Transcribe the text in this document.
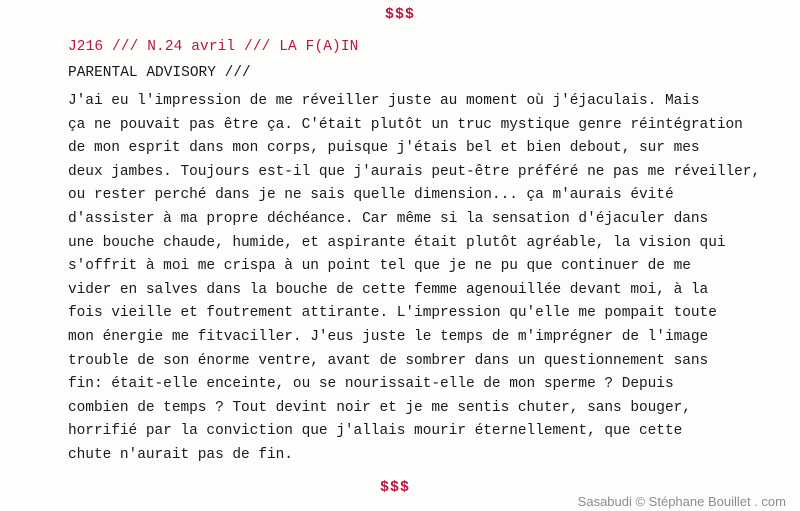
$$$
J216 /// N.24 avril /// LA F(A)IN
PARENTAL ADVISORY ///
J'ai eu l'impression de me réveiller juste au moment où j'éjaculais. Mais
ça ne pouvait pas être ça. C'était plutôt un truc mystique genre réintégration
de mon esprit dans mon corps, puisque j'étais bel et bien debout, sur mes
deux jambes. Toujours est-il que j'aurais peut-être préféré ne pas me réveiller,
ou rester perché dans je ne sais quelle dimension... ça m'aurais évité
d'assister à ma propre déchéance. Car même si la sensation d'éjaculer dans
une bouche chaude, humide, et aspirante était plutôt agréable, la vision qui
s'offrit à moi me crispa à un point tel que je ne pu que continuer de me
vider en salves dans la bouche de cette femme agenouillée devant moi, à la
fois vieille et foutrement attirante. L'impression qu'elle me pompait toute
mon énergie me fitvaciller. J'eus juste le temps de m'imprégner de l'image
trouble de son énorme ventre, avant de sombrer dans un questionnement sans
fin: était-elle enceinte, ou se nourissait-elle de mon sperme ? Depuis
combien de temps ? Tout devint noir et je me sentis chuter, sans bouger,
horrifié par la conviction que j'allais mourir éternellement, que cette
chute n'aurait pas de fin.
$$$
Sasabudi © Stéphane Bouillet . com
